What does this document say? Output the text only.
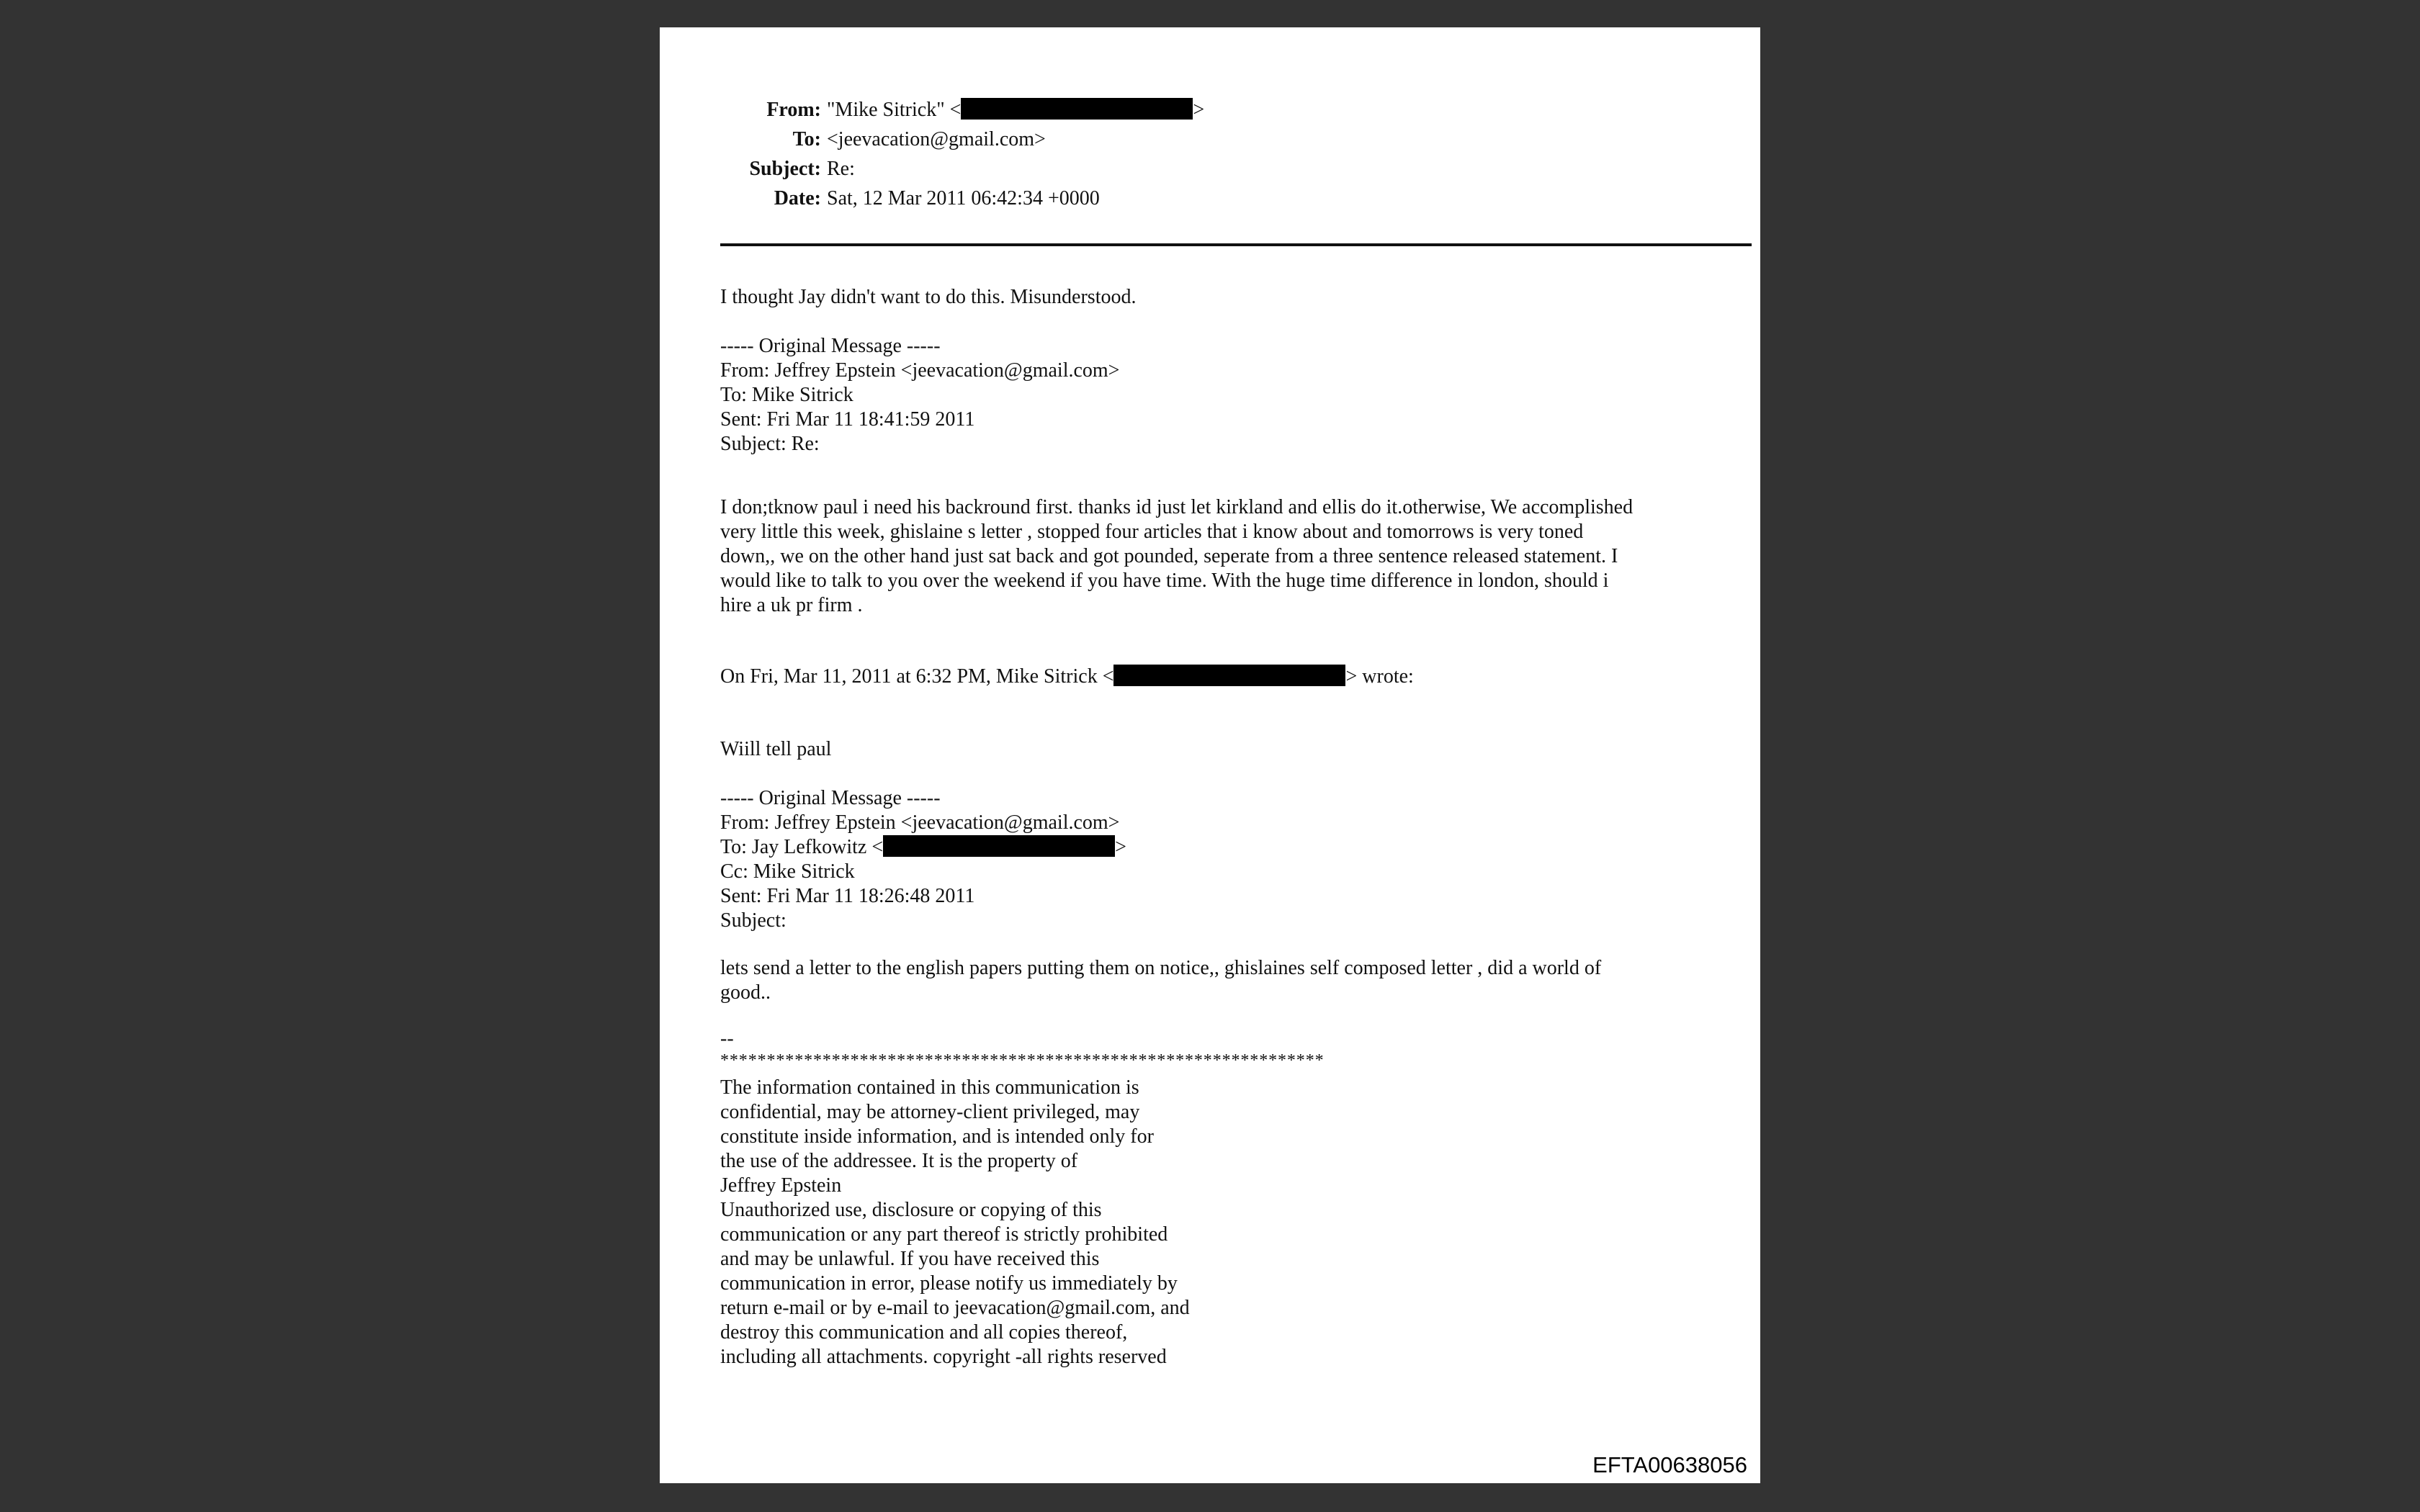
From: "Mike Sitrick" <	>
To: <jeevacation@gmail.com>
Subject: Re:
Date: Sat, 12 Mar 2011 06:42:34 +0000
I thought Jay didn't want to do this. Misunderstood.
----- Original Message -----
From: Jeffrey Epstein <jeevacation@gmail.com>
To: Mike Sitrick
Sent: Fri Mar 11 18:41:59 2011
Subject: Re:
I don;tknow paul i need his backround first. thanks id just let kirkland and ellis do it.otherwise, We accomplished
very little this week, ghislaine s letter , stopped four articles that i know about and tomorrows is very toned
down,, we on the other hand just sat back and got pounded, seperate from a three sentence released statement. I
would like to talk to you over the weekend if you have time. With the huge time difference in london, should i
hire a uk pr firm .
On Fri, Mar 11, 2011 at 6:32 PM, Mike Sitrick <	> wrote:
Wiill tell paul
----- Original Message -----
From: Jeffrey Epstein <jeevacation@gmail.com>
To: Jay Lefkowitz <	>
Cc: Mike Sitrick
Sent: Fri Mar 11 18:26:48 2011
Subject:
lets send a letter to the english papers putting them on notice,, ghislaines self composed letter , did a world of
good..
--
*****************************************************************
The information contained in this communication is
confidential, may be attorney-client privileged, may
constitute inside information, and is intended only for
the use of the addressee. It is the property of
Jeffrey Epstein
Unauthorized use, disclosure or copying of this
communication or any part thereof is strictly prohibited
and may be unlawful. If you have received this
communication in error, please notify us immediately by
return e-mail or by e-mail to jeevacation@gmail.com, and
destroy this communication and all copies thereof,
including all attachments. copyright -all rights reserved
EFTA00638056
